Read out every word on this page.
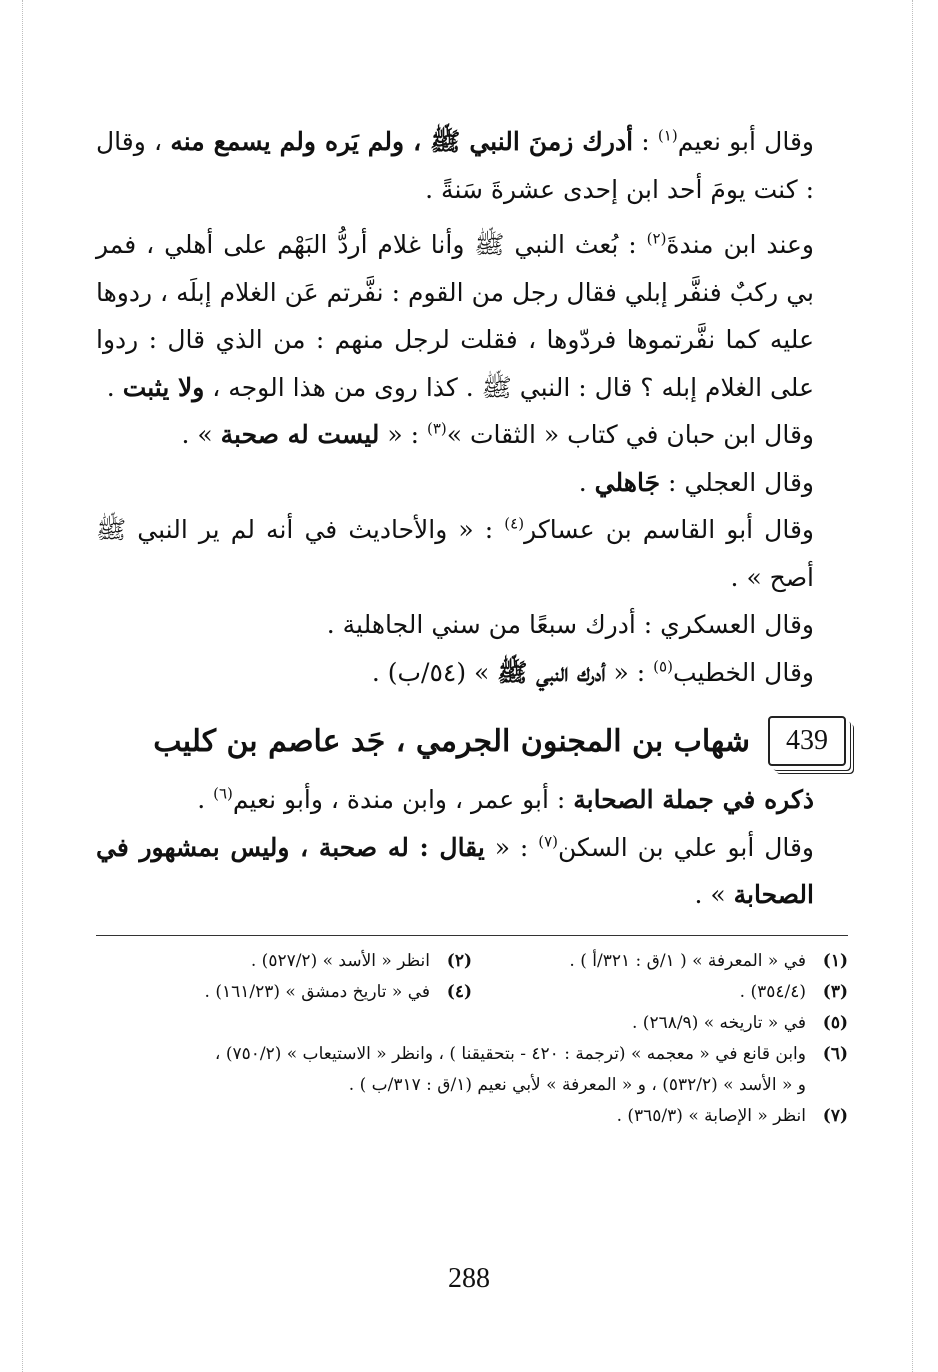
وقال أبو نعيم$^{(١)}$ : أدرك زمنَ النبي ﷺ ، ولم يَره ولم يسمع منه ، وقال : كنت يومَ أحد ابن إحدى عشرةَ سَنةً .

وعند ابن مندةَ$^{(٢)}$ : بُعث النبي ﷺ وأنا غلام أردُّ البَهْم على أهلي ، فمر بي ركبٌ فنفَّر إبلي فقال رجل من القوم : نفَّرتم عَن الغلام إبلَه ، ردوها عليه كما نفَّرتموها فردّوها ، فقلت لرجل منهم : من الذي قال : ردوا على الغلام إبله ؟ قال : النبي ﷺ . كذا روى من هذا الوجه ، ولا يثبت .

وقال ابن حبان في كتاب « الثقات »$^{(٣)}$ : « ليست له صحبة » .

وقال العجلي : جَاهلي .

وقال أبو القاسم بن عساكر$^{(٤)}$ : « والأحاديث في أنه لم ير النبي ﷺ أصح » .

وقال العسكري : أدرك سبعًا من سني الجاهلية .

وقال الخطيب$^{(٥)}$ : « أدرك النبي ﷺ » (٥٤/ب) .

439
شهاب بن المجنون الجرمي ، جَد عاصم بن كليب

ذكره في جملة الصحابة : أبو عمر ، وابن مندة ، وأبو نعيم$^{(٦)}$ .

وقال أبو علي بن السكن$^{(٧)}$ : « يقال : له صحبة ، وليس بمشهور في الصحابة » .

(١)
في « المعرفة » ( ١/ق : ٣٢١/أ ) .
(٢)
انظر « الأسد » (٥٢٧/٢) .
(٣)
(٣٥٤/٤) .
(٤)
في « تاريخ دمشق » (١٦١/٢٣) .
(٥)
في « تاريخه » (٢٦٨/٩) .
(٦)
وابن قانع في « معجمه » (ترجمة : ٤٢٠ - بتحقيقنا ) ، وانظر « الاستيعاب » (٧٥٠/٢) ،
و « الأسد » (٥٣٢/٢) ، و « المعرفة » لأبي نعيم (١/ق : ٣١٧/ب ) .
(٧)
انظر « الإصابة » (٣٦٥/٣) .
288
